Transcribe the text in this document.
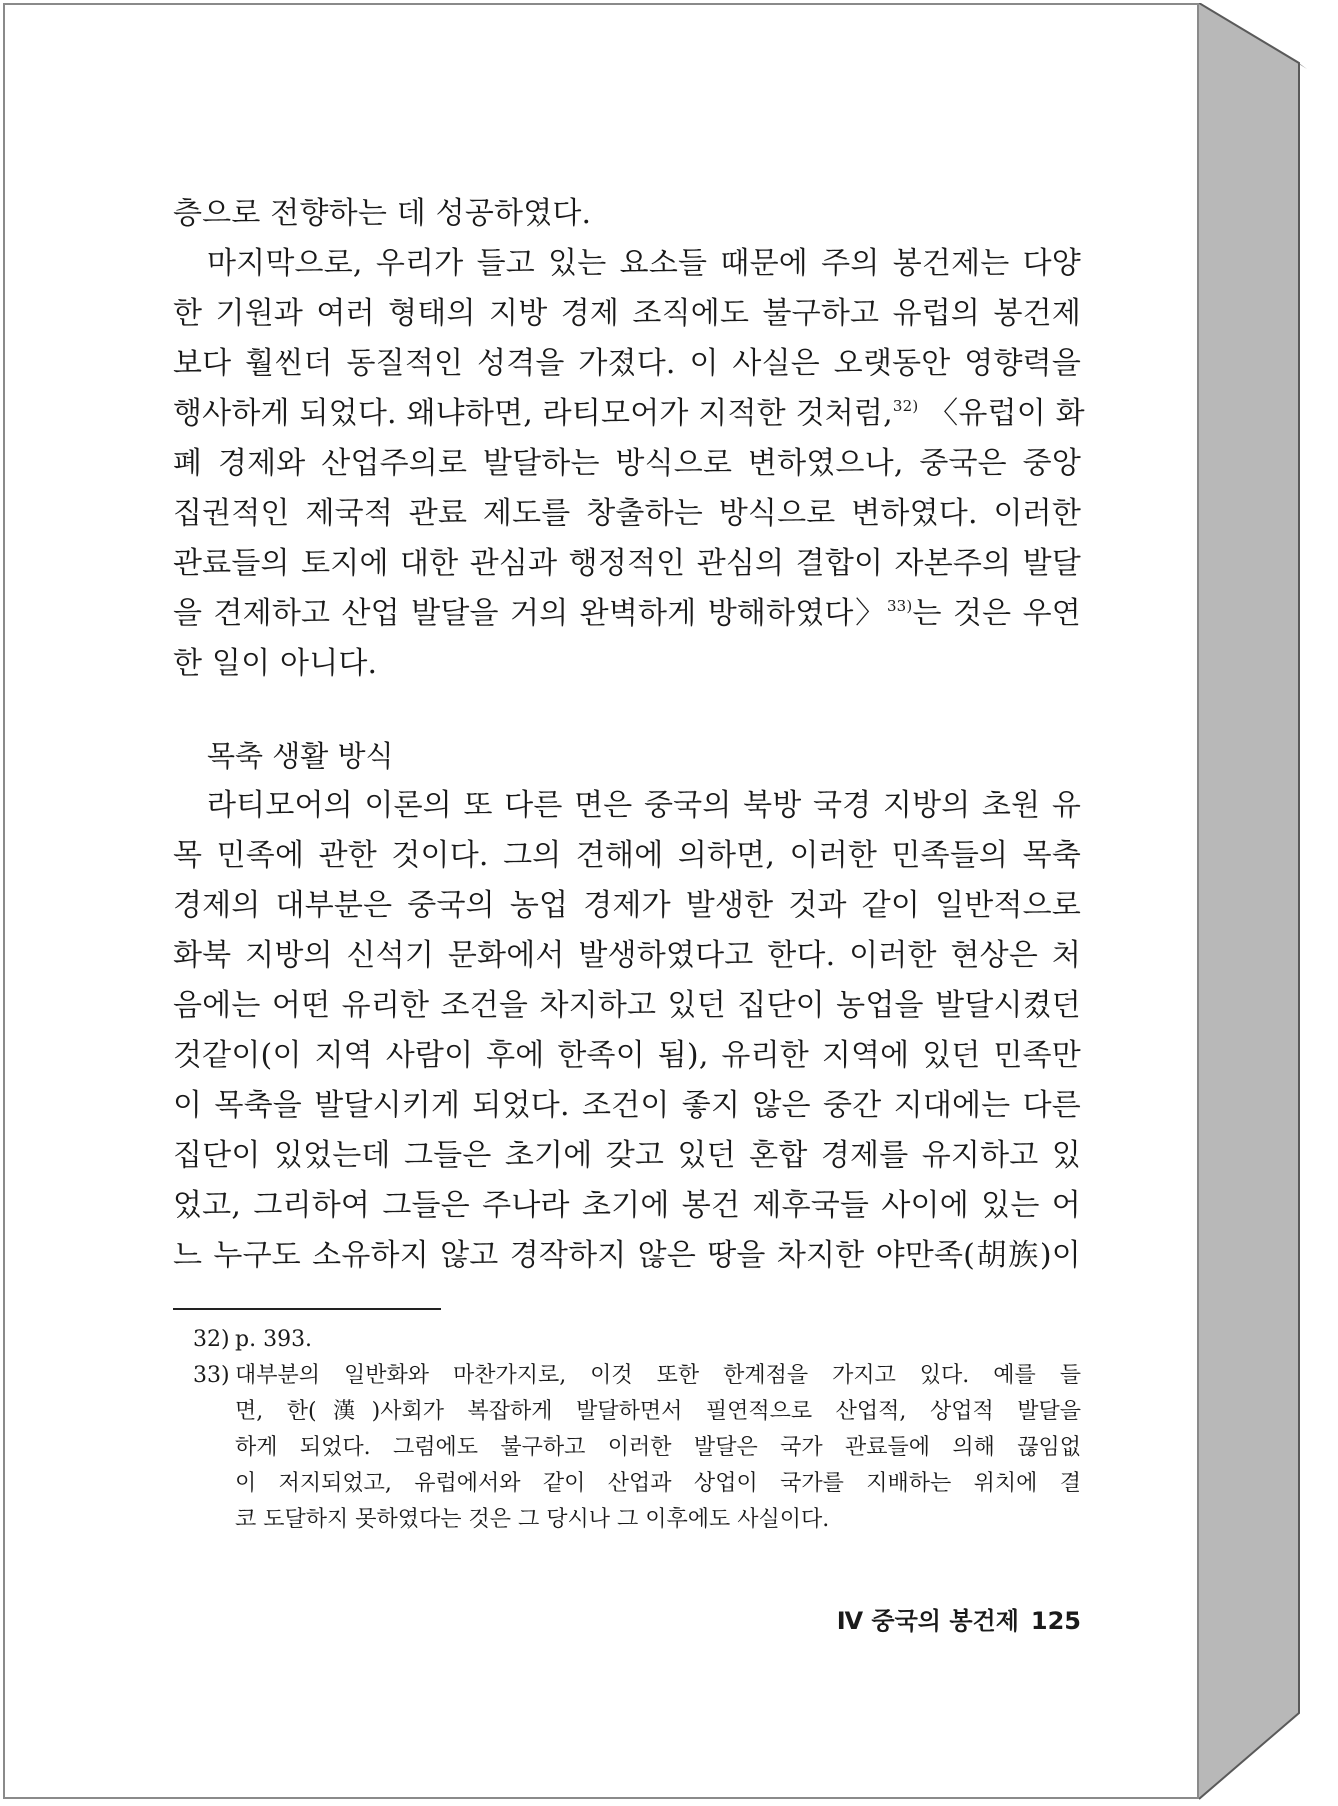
층으로 전향하는 데 성공하였다.
마지막으로, 우리가 들고 있는 요소들 때문에 주의 봉건제는 다양
한 기원과 여러 형태의 지방 경제 조직에도 불구하고 유럽의 봉건제
보다 훨씬더 동질적인 성격을 가졌다. 이 사실은 오랫동안 영향력을
행사하게 되었다. 왜냐하면, 라티모어가 지적한 것처럼,$^{32)}$ 〈유럽이 화
폐 경제와 산업주의로 발달하는 방식으로 변하였으나, 중국은 중앙
집권적인 제국적 관료 제도를 창출하는 방식으로 변하였다. 이러한
관료들의 토지에 대한 관심과 행정적인 관심의 결합이 자본주의 발달
을 견제하고 산업 발달을 거의 완벽하게 방해하였다〉$^{33)}$는 것은 우연
한 일이 아니다.
목축 생활 방식
라티모어의 이론의 또 다른 면은 중국의 북방 국경 지방의 초원 유
목 민족에 관한 것이다. 그의 견해에 의하면, 이러한 민족들의 목축
경제의 대부분은 중국의 농업 경제가 발생한 것과 같이 일반적으로
화북 지방의 신석기 문화에서 발생하였다고 한다. 이러한 현상은 처
음에는 어떤 유리한 조건을 차지하고 있던 집단이 농업을 발달시켰던
것같이(이 지역 사람이 후에 한족이 됨), 유리한 지역에 있던 민족만
이 목축을 발달시키게 되었다. 조건이 좋지 않은 중간 지대에는 다른
집단이 있었는데 그들은 초기에 갖고 있던 혼합 경제를 유지하고 있
었고, 그리하여 그들은 주나라 초기에 봉건 제후국들 사이에 있는 어
느 누구도 소유하지 않고 경작하지 않은 땅을 차지한 야만족(胡族)이
32) p. 393.
33) 대부분의 일반화와 마찬가지로, 이것 또한 한계점을 가지고 있다. 예를 들
면, 한(漢)사회가 복잡하게 발달하면서 필연적으로 산업적, 상업적 발달을
하게 되었다. 그럼에도 불구하고 이러한 발달은 국가 관료들에 의해 끊임없
이 저지되었고, 유럽에서와 같이 산업과 상업이 국가를 지배하는 위치에 결
코 도달하지 못하였다는 것은 그 당시나 그 이후에도 사실이다.
Ⅳ 중국의 봉건제 125
